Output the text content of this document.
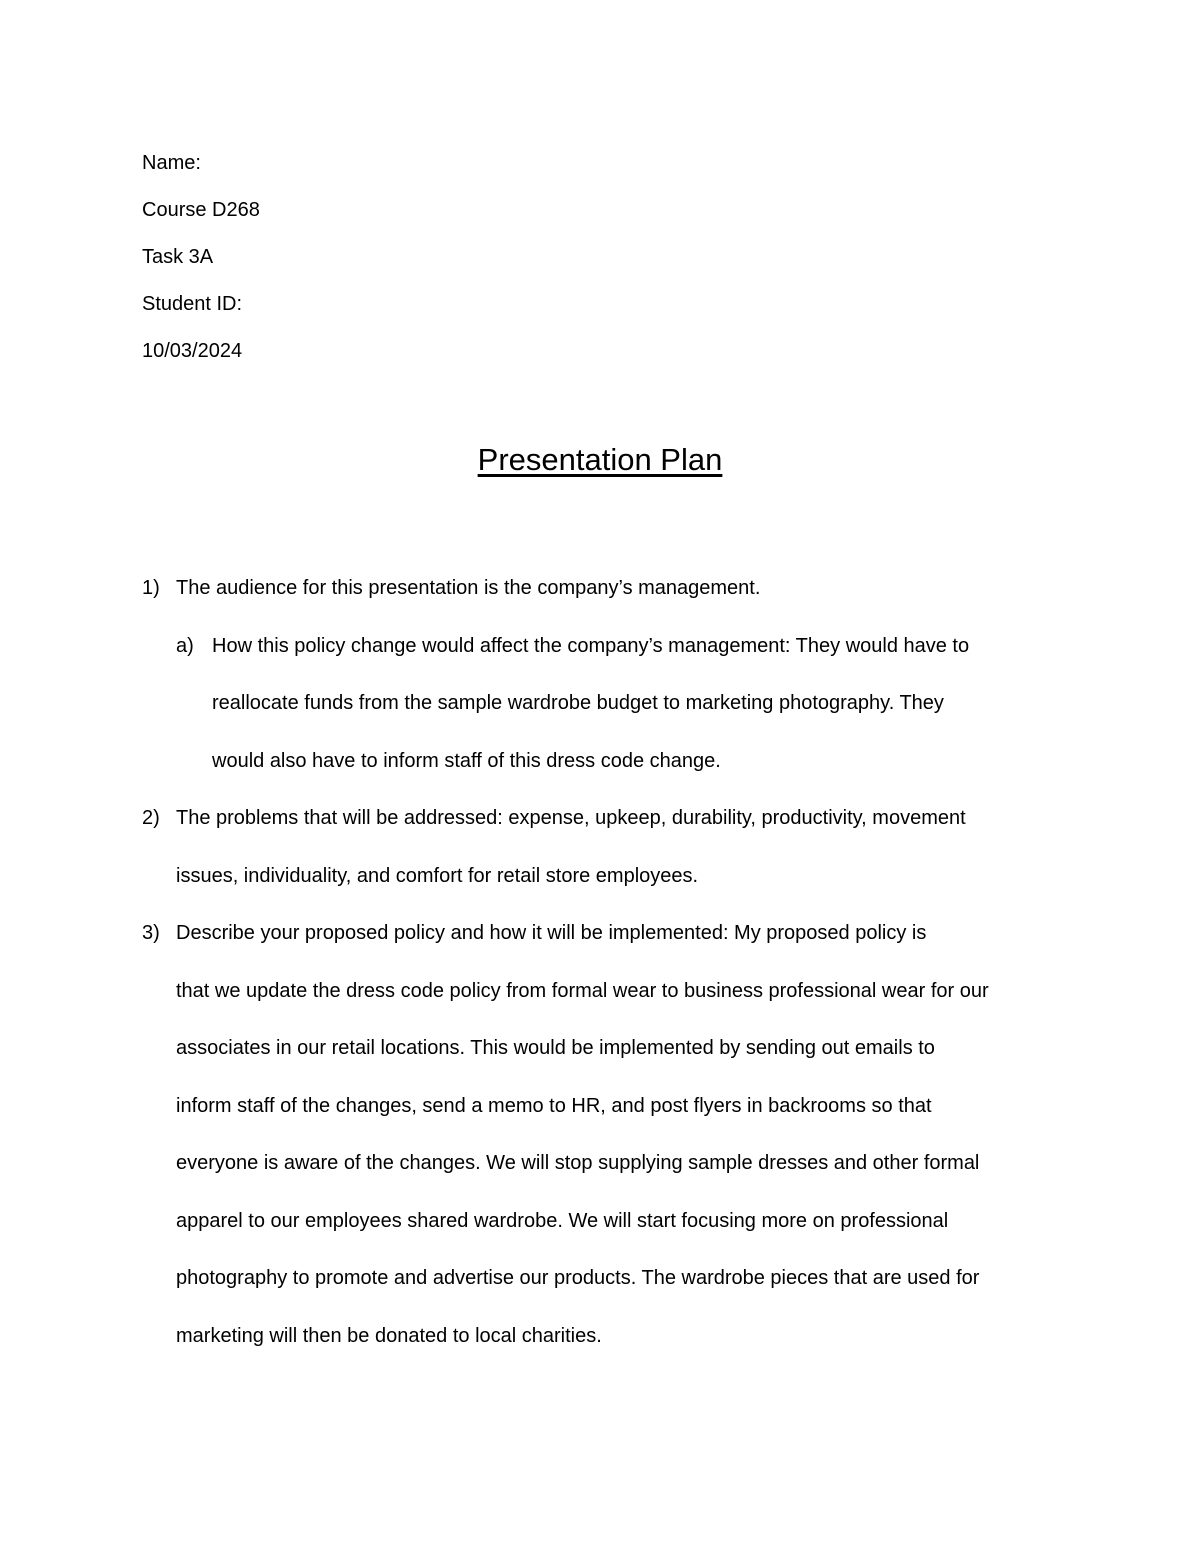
Name:
Course D268
Task 3A
Student ID:
10/03/2024
Presentation Plan
1) The audience for this presentation is the company’s management.
a) How this policy change would affect the company’s management: They would have to
reallocate funds from the sample wardrobe budget to marketing photography. They
would also have to inform staff of this dress code change.
2) The problems that will be addressed: expense, upkeep, durability, productivity, movement
issues, individuality, and comfort for retail store employees.
3) Describe your proposed policy and how it will be implemented: My proposed policy is
that we update the dress code policy from formal wear to business professional wear for our
associates in our retail locations. This would be implemented by sending out emails to
inform staff of the changes, send a memo to HR, and post flyers in backrooms so that
everyone is aware of the changes. We will stop supplying sample dresses and other formal
apparel to our employees shared wardrobe. We will start focusing more on professional
photography to promote and advertise our products. The wardrobe pieces that are used for
marketing will then be donated to local charities.
